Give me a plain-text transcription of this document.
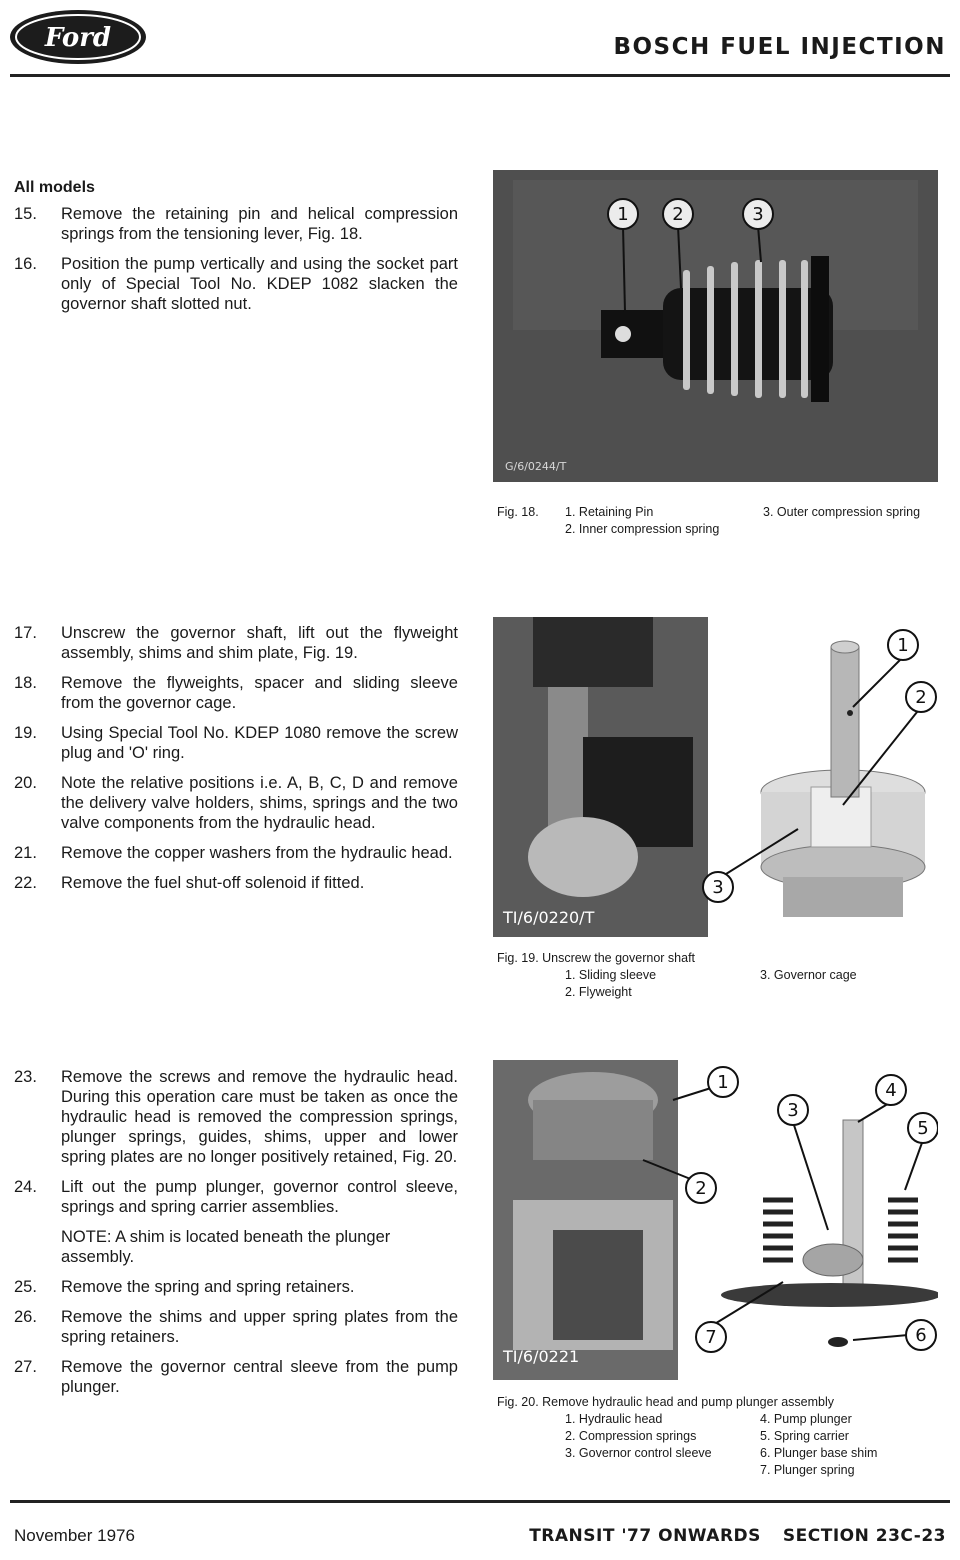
Ford	BOSCH FUEL INJECTION
All models
15. Remove the retaining pin and helical compression springs from the tensioning lever, Fig. 18.
16. Position the pump vertically and using the socket part only of Special Tool No. KDEP 1082 slacken the governor shaft slotted nut.
17. Unscrew the governor shaft, lift out the flyweight assembly, shims and shim plate, Fig. 19.
18. Remove the flyweights, spacer and sliding sleeve from the governor cage.
19. Using Special Tool No. KDEP 1080 remove the screw plug and 'O' ring.
20. Note the relative positions i.e. A, B, C, D and remove the delivery valve holders, shims, springs and the two valve components from the hydraulic head.
21. Remove the copper washers from the hydraulic head.
22. Remove the fuel shut-off solenoid if fitted.
23. Remove the screws and remove the hydraulic head. During this operation care must be taken as once the hydraulic head is removed the compression springs, plunger springs, guides, shims, upper and lower spring plates are no longer positively retained, Fig. 20.
24. Lift out the pump plunger, governor control sleeve, springs and spring carrier assemblies.
NOTE: A shim is located beneath the plunger assembly.
25. Remove the spring and spring retainers.
26. Remove the shims and upper spring plates from the spring retainers.
27. Remove the governor central sleeve from the pump plunger.
1 2	3
G/6/0244/T
Fig. 18.	1. Retaining Pin	3. Outer compression spring
2. Inner compression spring
1
2
3
TI/6/0220/T
Fig. 19. Unscrew the governor shaft
1. Sliding sleeve	3. Governor cage
2. Flyweight
1
2
3
4
5
6
7
TI/6/0221
Fig. 20. Remove hydraulic head and pump plunger assembly
1. Hydraulic head	4. Pump plunger
2. Compression springs	5. Spring carrier
3. Governor control sleeve	6. Plunger base shim
7. Plunger spring
November 1976	TRANSIT '77 ONWARDS SECTION 23C-23
